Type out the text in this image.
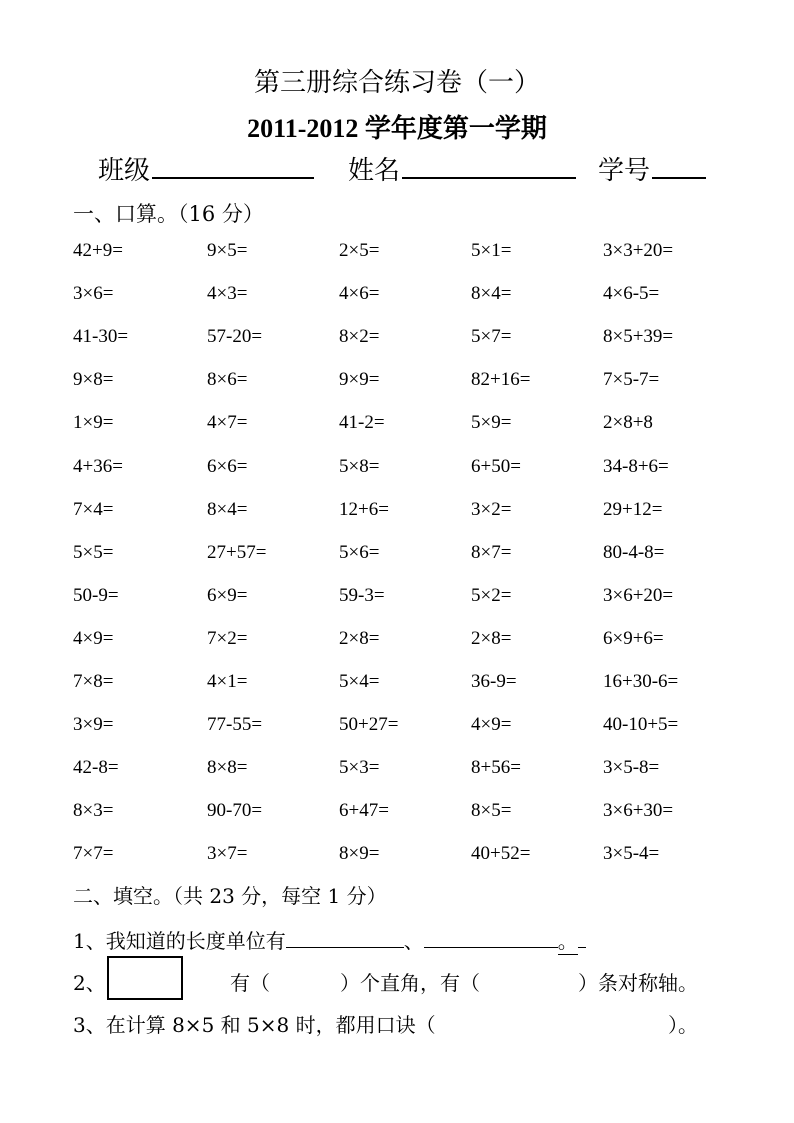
第三册综合练习卷（一）
2011-2012 学年度第一学期
班级	姓名	学号
一、口算。（16 分）
42+9=	9×5=	2×5=	5×1=	3×3+20=
3×6=	4×3=	4×6=	8×4=	4×6-5=
41-30=	57-20=	8×2=	5×7=	8×5+39=
9×8=	8×6=	9×9=	82+16=	7×5-7=
1×9=	4×7=	41-2=	5×9=	2×8+8
4+36=	6×6=	5×8=	6+50=	34-8+6=
7×4=	8×4=	12+6=	3×2=	29+12=
5×5=	27+57=	5×6=	8×7=	80-4-8=
50-9=	6×9=	59-3=	5×2=	3×6+20=
4×9=	7×2=	2×8=	2×8=	6×9+6=
7×8=	4×1=	5×4=	36-9=	16+30-6=
3×9=	77-55=	50+27=	4×9=	40-10+5=
42-8=	8×8=	5×3=	8+56=	3×5-8=
8×3=	90-70=	6+47=	8×5=	3×6+30=
7×7=	3×7=	8×9=	40+52=	3×5-4=
二、填空。（共 23 分，每空 1 分）
1、我知道的长度单位有	、	。
2、	有（	）个直角，有（	）条对称轴。
3、在计算 8×5 和 5×8 时，都用口诀（	）。
